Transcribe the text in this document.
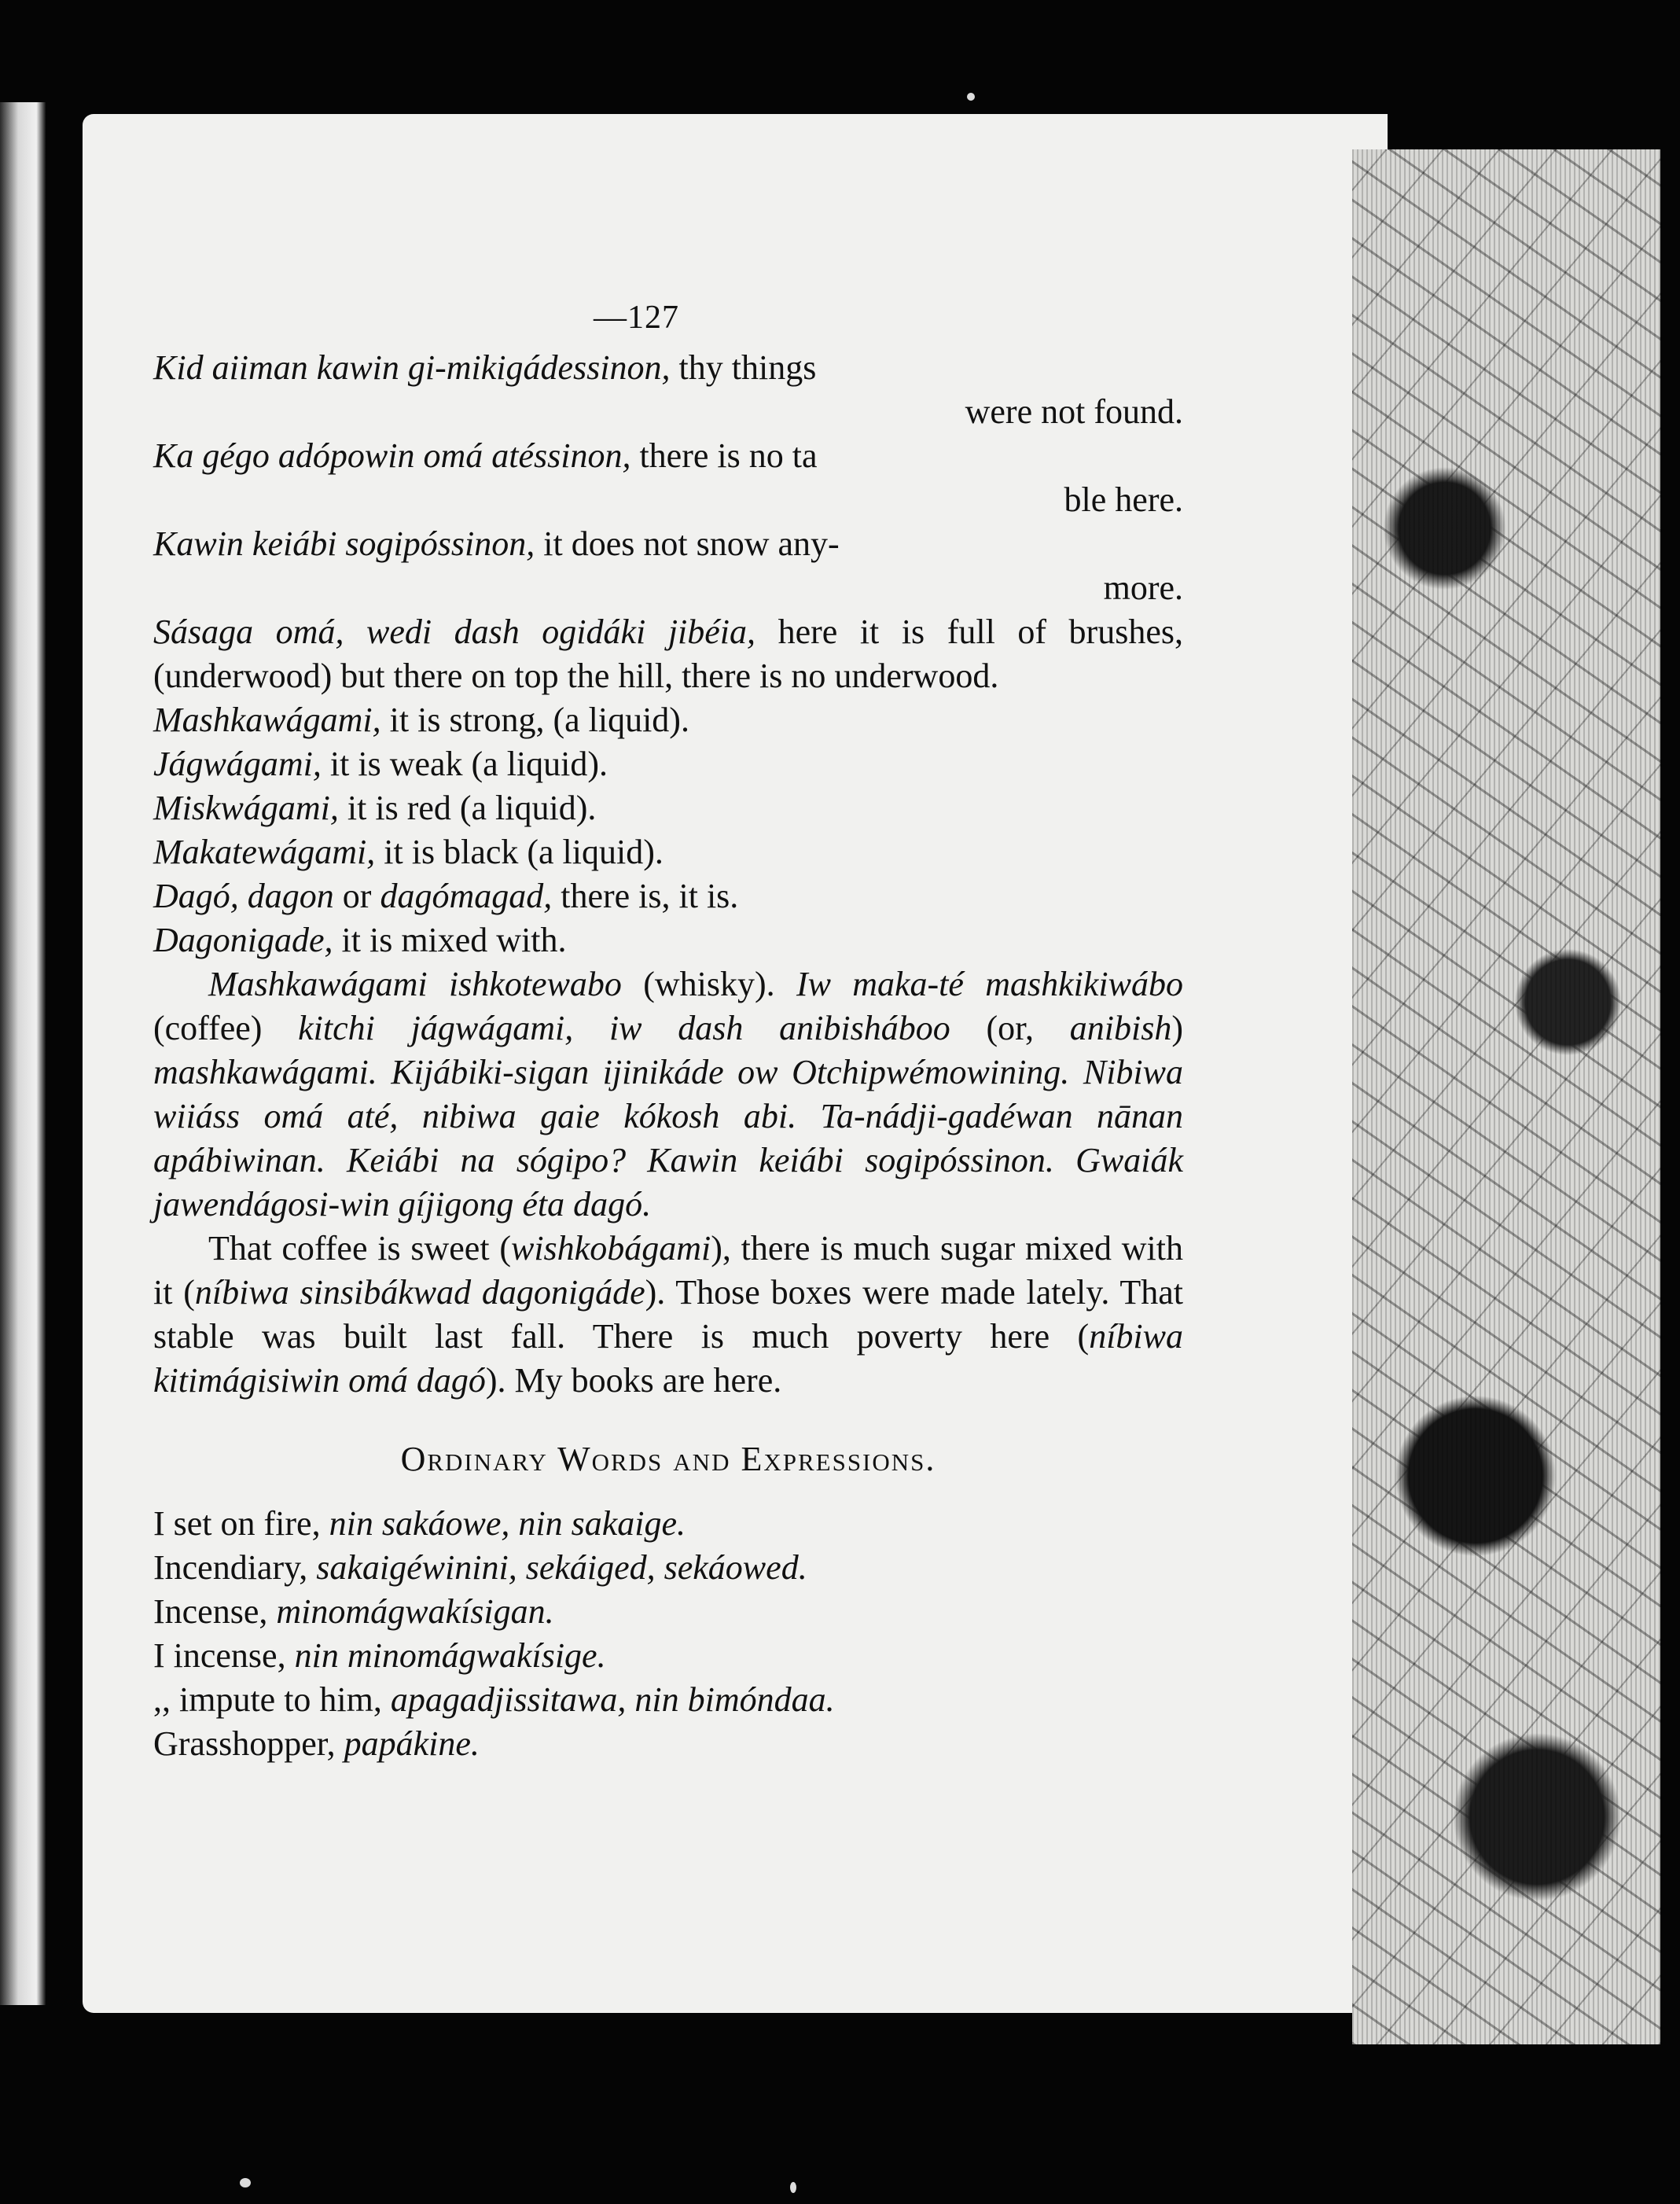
—127

Kid aiiman kawin gi-mikigádessinon, thy things
were not found.

Ka gégo adópowin omá atéssinon, there is no ta
ble here.

Kawin keiábi sogipóssinon, it does not snow any-
more.

Sásaga omá, wedi dash ogidáki jibéia, here it is full of brushes, (underwood) but there on top the hill, there is no underwood.

Mashkawágami, it is strong, (a liquid).

Jágwágami, it is weak (a liquid).

Miskwágami, it is red (a liquid).

Makatewágami, it is black (a liquid).

Dagó, dagon or dagómagad, there is, it is.

Dagonigade, it is mixed with.

Mashkawágami ishkotewabo (whisky). Iw maka-té mashkikiwábo (coffee) kitchi jágwágami, iw dash anibisháboo (or, anibish) mashkawágami. Kijábiki-sigan ijinikáde ow Otchipwémowining. Nibiwa wiiáss omá até, nibiwa gaie kókosh abi. Ta-nádji-gadéwan nānan apábiwinan. Keiábi na sógipo? Kawin keiábi sogipóssinon. Gwaiák jawendágosi-win gíjigong éta dagó.

That coffee is sweet (wishkobágami), there is much sugar mixed with it (níbiwa sinsibákwad dagonigáde). Those boxes were made lately. That stable was built last fall. There is much poverty here (níbiwa kitimágisiwin omá dagó). My books are here.

Ordinary Words and Expressions.

I set on fire, nin sakáowe, nin sakaige.

Incendiary, sakaigéwinini, sekáiged, sekáowed.

Incense, minomágwakísigan.

I incense, nin minomágwakísige.

,, impute to him, apagadjissitawa, nin bimóndaa.

Grasshopper, papákine.
